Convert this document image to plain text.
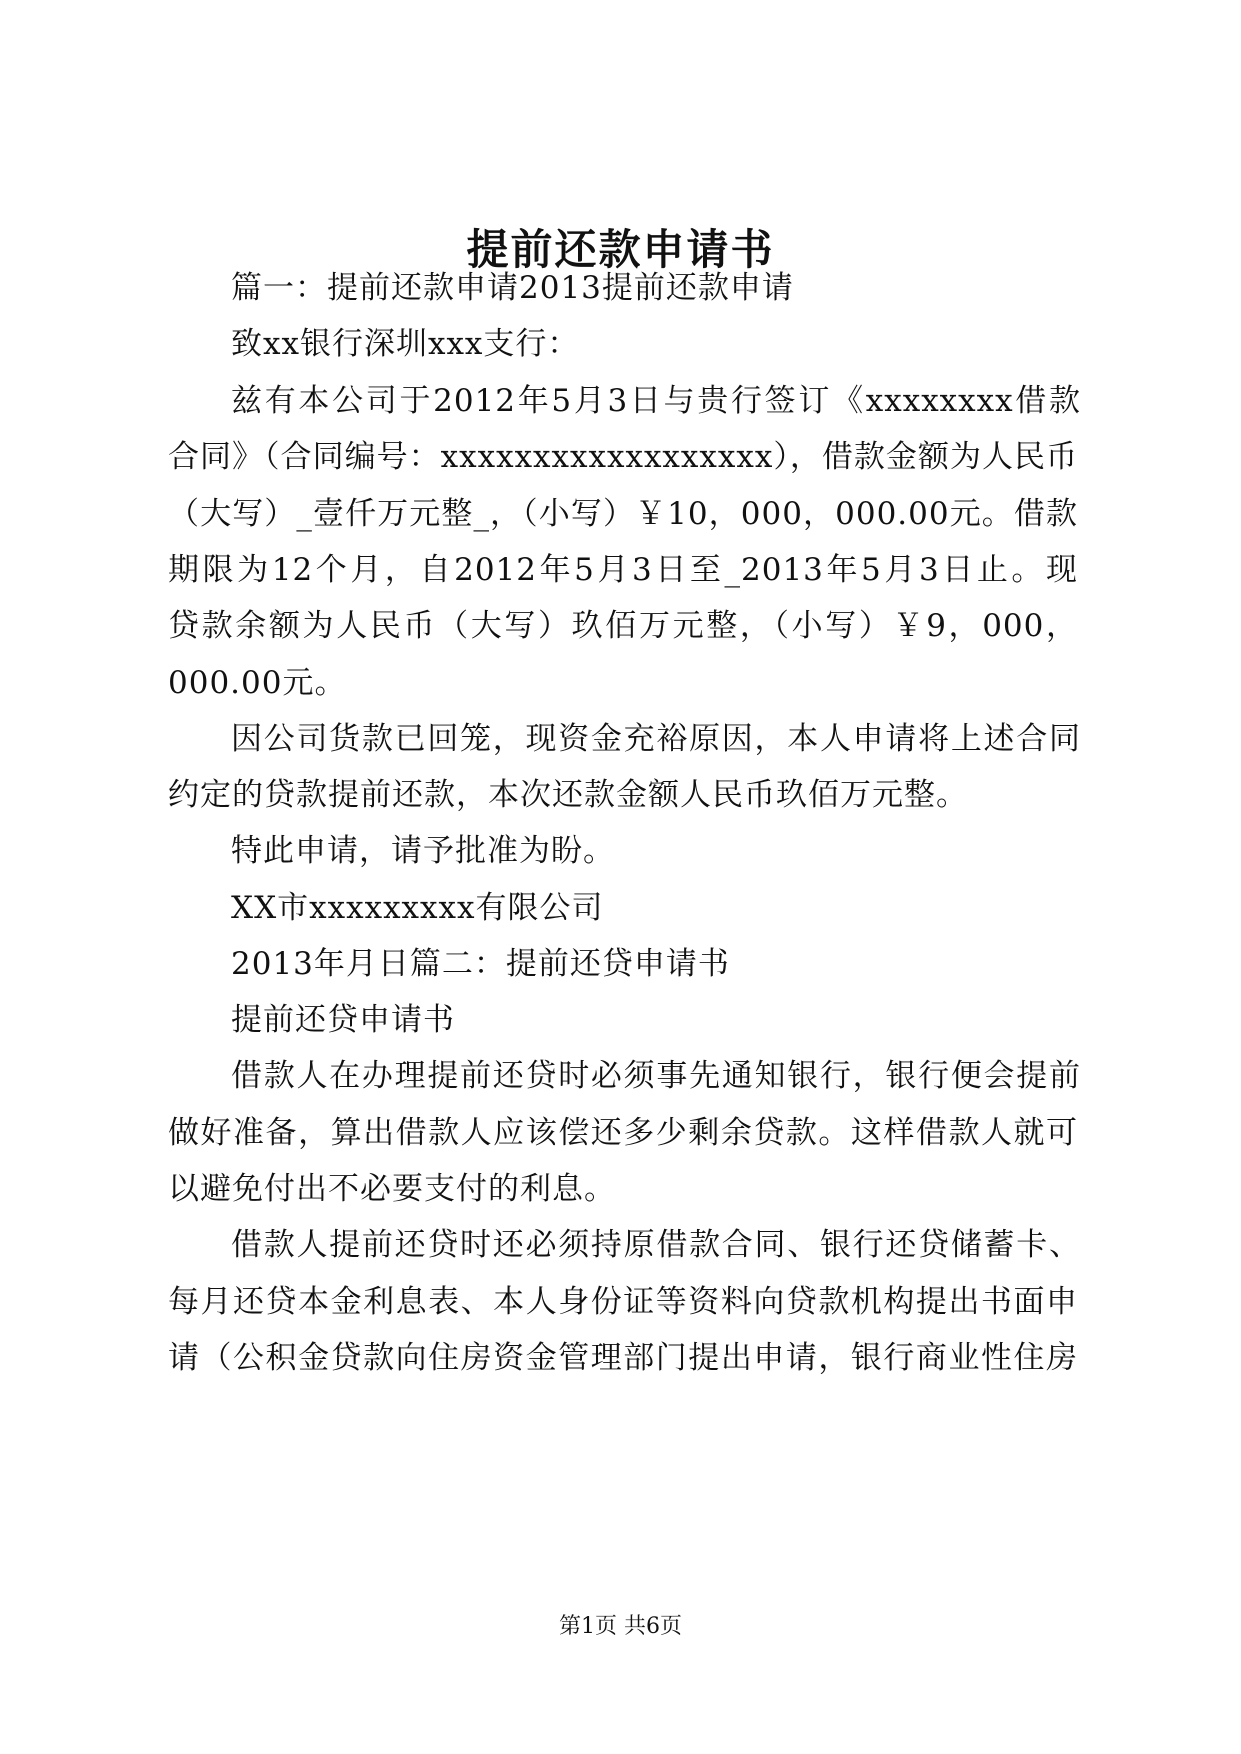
提前还款申请书

篇一：提前还款申请2013提前还款申请

致xx银行深圳xxx支行：

兹有本公司于2012年5月3日与贵行签订《xxxxxxxx借款

合同》（合同编号：xxxxxxxxxxxxxxxxxx），借款金额为人民币

（大写）_壹仟万元整_，（小写）￥10，000，000.00元。借款

期限为12个月，自2012年5月3日至_2013年5月3日止。现

贷款余额为人民币（大写）玖佰万元整，（小写）￥9，000，

000.00元。

因公司货款已回笼，现资金充裕原因，本人申请将上述合同

约定的贷款提前还款，本次还款金额人民币玖佰万元整。

特此申请，请予批准为盼。

XX市xxxxxxxxx有限公司

2013年月日篇二：提前还贷申请书

提前还贷申请书

借款人在办理提前还贷时必须事先通知银行，银行便会提前

做好准备，算出借款人应该偿还多少剩余贷款。这样借款人就可

以避免付出不必要支付的利息。

借款人提前还贷时还必须持原借款合同、银行还贷储蓄卡、

每月还贷本金利息表、本人身份证等资料向贷款机构提出书面申

请（公积金贷款向住房资金管理部门提出申请，银行商业性住房

第1页 共6页
